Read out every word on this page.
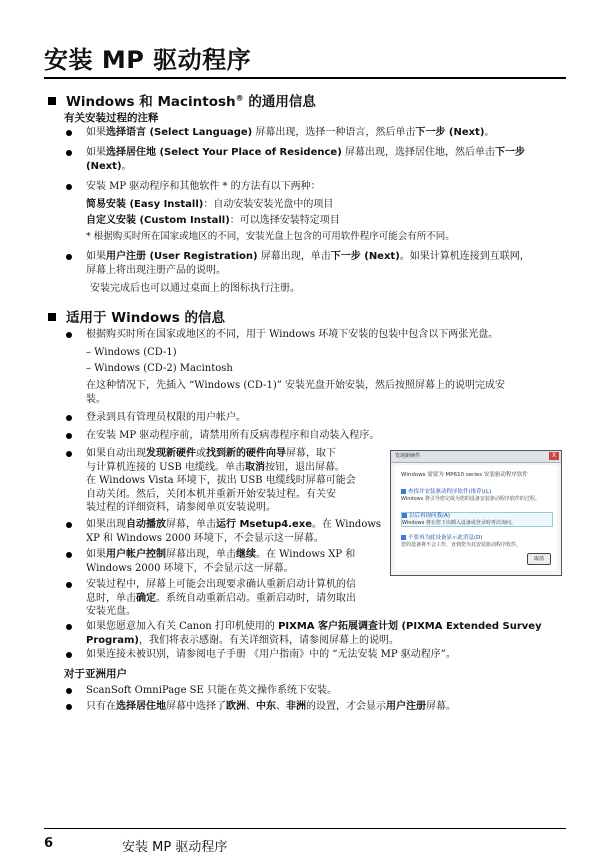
安装 MP 驱动程序
Windows 和 Macintosh® 的通用信息
有关安装过程的注释
如果选择语言 (Select Language) 屏幕出现，选择一种语言，然后单击下一步 (Next)。
如果选择居住地 (Select Your Place of Residence) 屏幕出现，选择居住地，然后单击下一步
(Next)。
安装 MP 驱动程序和其他软件 * 的方法有以下两种：
简易安装 (Easy Install)：自动安装安装光盘中的项目
自定义安装 (Custom Install)：可以选择安装特定项目
* 根据购买时所在国家或地区的不同，安装光盘上包含的可用软件程序可能会有所不同。
如果用户注册 (User Registration) 屏幕出现，单击下一步 (Next)。如果计算机连接到互联网，
屏幕上将出现注册产品的说明。
安装完成后也可以通过桌面上的图标执行注册。
适用于 Windows 的信息
根据购买时所在国家或地区的不同，用于 Windows 环境下安装的包装中包含以下两张光盘。
– Windows (CD-1)
– Windows (CD-2) Macintosh
在这种情况下，先插入 “Windows (CD-1)” 安装光盘开始安装，然后按照屏幕上的说明完成安
装。
登录到具有管理员权限的用户帐户。
在安装 MP 驱动程序前，请禁用所有反病毒程序和自动装入程序。
如果自动出现发现新硬件或找到新的硬件向导屏幕，取下
与计算机连接的 USB 电缆线。单击取消按钮，退出屏幕。
在 Windows Vista 环境下，拔出 USB 电缆线时屏幕可能会
自动关闭。然后，关闭本机并重新开始安装过程。有关安
装过程的详细资料，请参阅单页安装说明。
如果出现自动播放屏幕，单击运行 Msetup4.exe。在 Windows
XP 和 Windows 2000 环境下，不会显示这一屏幕。
如果用户帐户控制屏幕出现，单击继续。在 Windows XP 和
Windows 2000 环境下，不会显示这一屏幕。
安装过程中，屏幕上可能会出现要求确认重新启动计算机的信
息时，单击确定。系统自动重新启动。重新启动时，请勿取出
安装光盘。
如果您愿意加入有关 Canon 打印机使用的 PIXMA 客户拓展调查计划 (PIXMA Extended Survey
Program)，我们将表示感谢。有关详细资料，请参阅屏幕上的说明。
如果连接未被识别，请参阅电子手册 《用户指南》中的 “无法安装 MP 驱动程序”。
对于亚洲用户
ScanSoft OmniPage SE 只能在英文操作系统下安装。
只有在选择居住地屏幕中选择了欧洲、中东、非洲的设置，才会显示用户注册屏幕。
发现新硬件	X
Windows 需要为 MP610 series 安装驱动程序软件
查找并安装驱动程序软件(推荐)(L)
Windows 将引导您完成为您的设备安装驱动程序软件的过程。
以后再询问我(A)
Windows 将在您下次插入设备或登录时再次询问。
不要再为此设备显示此消息(D)
您的设备将不会工作，直到您为其安装驱动程序软件。
取消
6	安装 MP 驱动程序
